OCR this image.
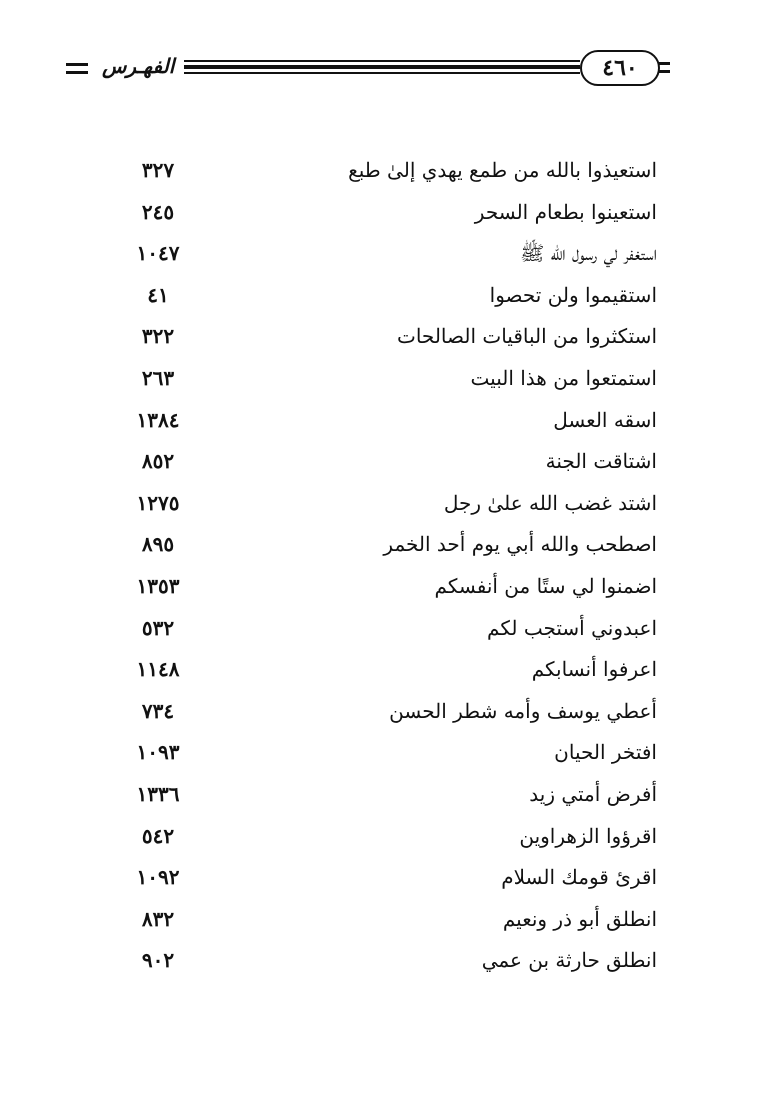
الفهـرس	٤٦٠
استعيذوا بالله من طمع يهدي إلىٰ طبع
٣٢٧
استعينوا بطعام السحر
٢٤٥
استغفر لي رسول الله ﷺ
١٠٤٧
استقيموا ولن تحصوا
٤١
استكثروا من الباقيات الصالحات
٣٢٢
استمتعوا من هذا البيت
٢٦٣
اسقه العسل
١٣٨٤
اشتاقت الجنة
٨٥٢
اشتد غضب الله علىٰ رجل
١٢٧٥
اصطحب والله أبي يوم أحد الخمر
٨٩٥
اضمنوا لي ستًا من أنفسكم
١٣٥٣
اعبدوني أستجب لكم
٥٣٢
اعرفوا أنسابكم
١١٤٨
أعطي يوسف وأمه شطر الحسن
٧٣٤
افتخر الحيان
١٠٩٣
أفرض أمتي زيد
١٣٣٦
اقرؤوا الزهراوين
٥٤٢
اقرئ قومك السلام
١٠٩٢
انطلق أبو ذر ونعيم
٨٣٢
انطلق حارثة بن عمي
٩٠٢
